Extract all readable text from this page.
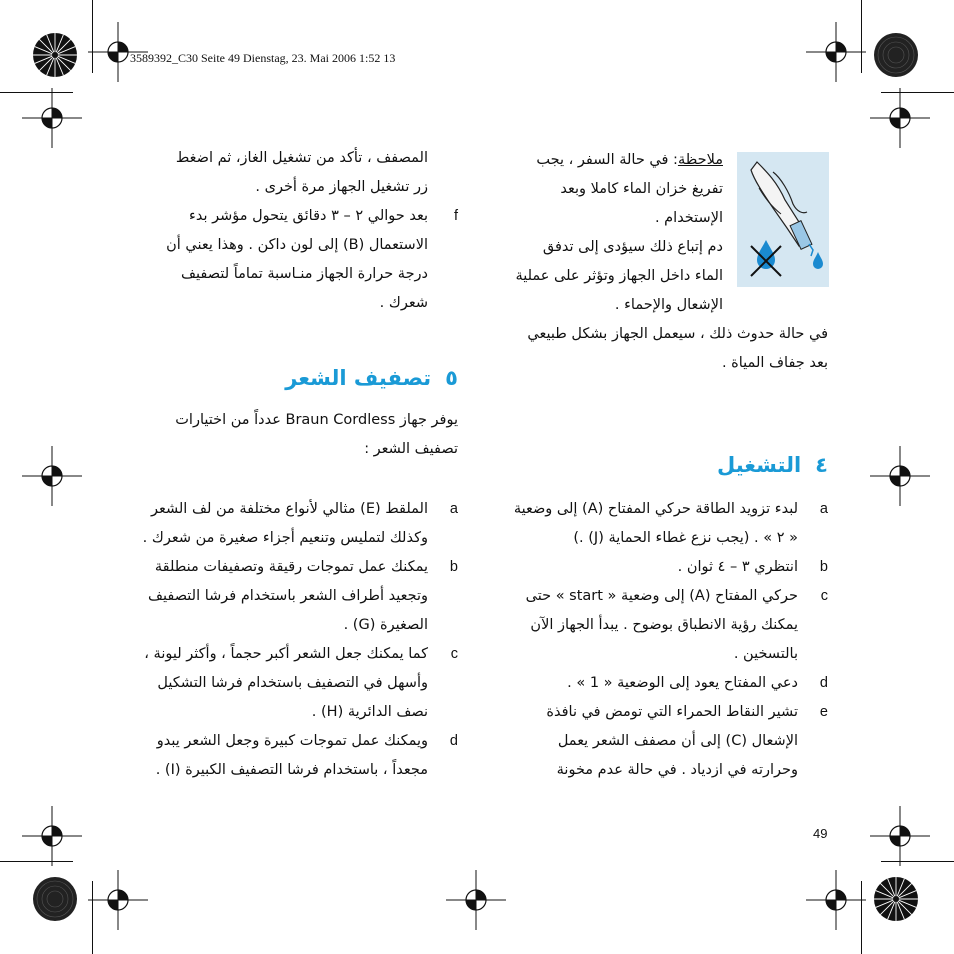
3589392_C30 Seite 49 Dienstag, 23. Mai 2006 1:52 13

المصفف ، تأكد من تشغيل الغاز، ثم اضغط

زر تشغيل الجهاز مرة أخرى .

f

بعد حوالي ٢ – ٣ دقائق يتحول مؤشر بدء

الاستعمال (B) إلى لون داكن . وهذا يعني أن

درجة حرارة الجهاز منـاسبة تماماً لتصفيف

شعرك .

٥تصفيف الشعر

يوفر جهاز Braun Cordless عدداً من اختيارات

تصفيف الشعر :

a

الملقط (E) مثالي لأنواع مختلفة من لف الشعر

وكذلك لتمليس وتنعيم أجزاء صغيرة من شعرك .

b

يمكنك عمل تموجات رقيقة وتصفيفات منطلقة

وتجعيد أطراف الشعر باستخدام فرشا التصفيف

الصغيرة (G) .

c

كما يمكنك جعل الشعر أكبر حجماً ، وأكثر ليونة ،

وأسهل في التصفيف باستخدام فرشا التشكيل

نصف الدائرية (H) .

d

ويمكنك عمل تموجات كبيرة وجعل الشعر يبدو

مجعداً ، باستخدام فرشا التصفيف الكبيرة (I) .

ملاحظة: في حالة السفر ، يجب

تفريغ خزان الماء كاملا وبعد

الإستخدام .

دم إتباع ذلك سيؤدى إلى تدفق

الماء داخل الجهاز وتؤثر على عملية

الإشعال والإحماء .

في حالة حدوث ذلك ، سيعمل الجهاز بشكل طبيعي

بعد جفاف المياة .

٤التشغيل
a

لبدء تزويد الطاقة حركي المفتاح (A) إلى وضعية

« ٢ » . (يجب نزع غطاء الحماية (J) .)

b

انتظري ٣ – ٤ ثوان .

c

حركي المفتاح (A) إلى وضعية « start » حتى

يمكنك رؤية الانطباق بوضوح . يبدأ الجهاز الآن

بالتسخين .

d

دعي المفتاح يعود إلى الوضعية « 1 » .

e

تشير النقاط الحمراء التي تومض في نافذة

الإشعال (C) إلى أن مصفف الشعر يعمل

وحرارته في ازدياد . في حالة عدم مخونة

49
